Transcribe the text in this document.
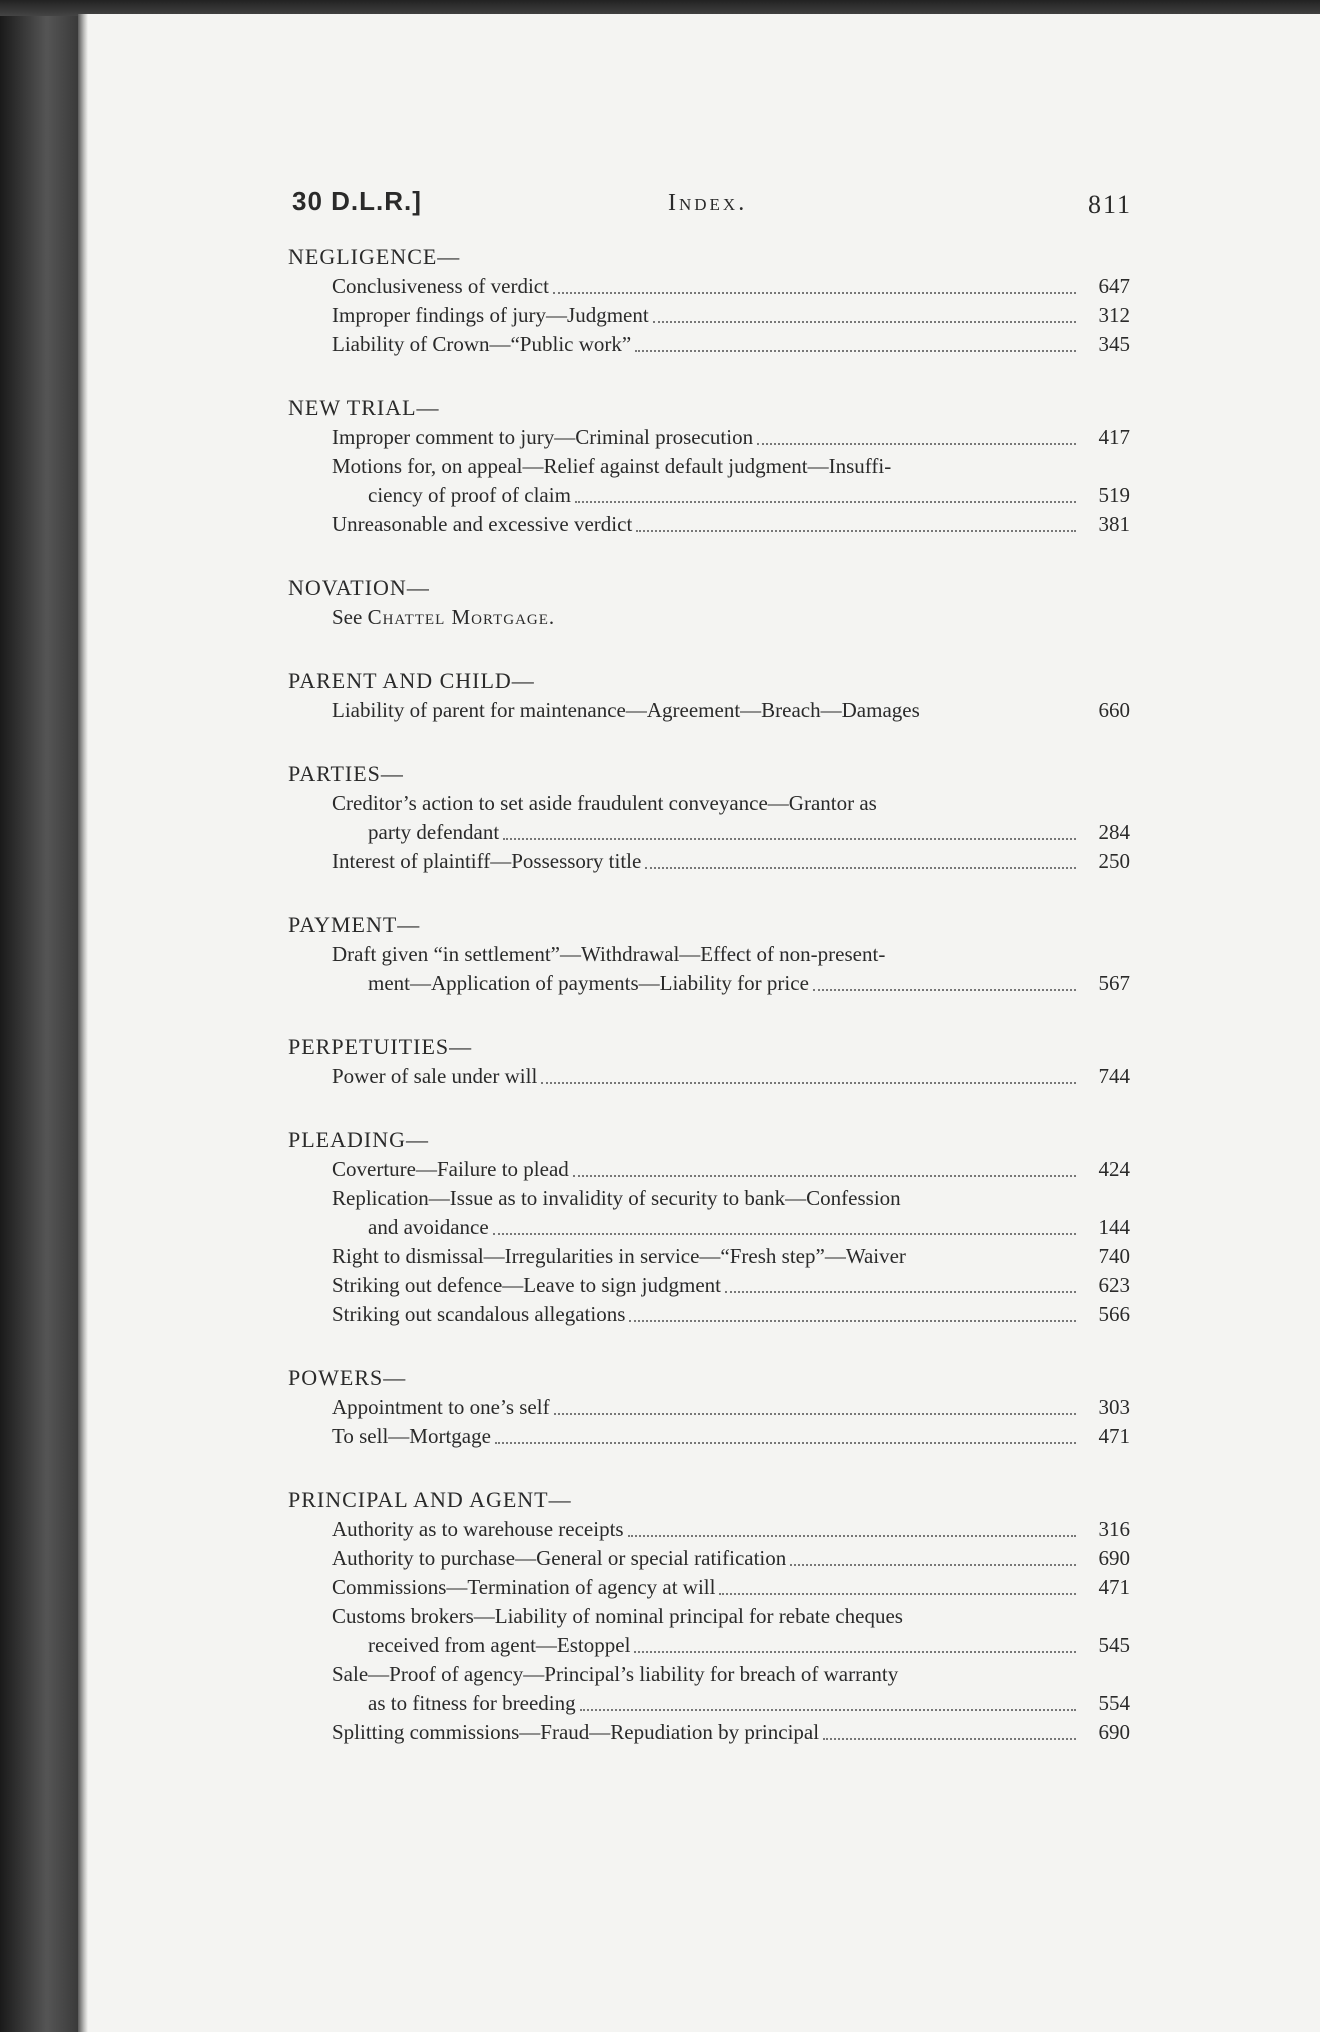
30 D.L.R.]	Index.	811
NEGLIGENCE—
Conclusiveness of verdict	647
Improper findings of jury—Judgment	312
Liability of Crown—“Public work”	345
NEW TRIAL—
Improper comment to jury—Criminal prosecution	417
Motions for, on appeal—Relief against default judgment—Insuffi-
ciency of proof of claim	519
Unreasonable and excessive verdict	381
NOVATION—
See Chattel Mortgage.
PARENT AND CHILD—
Liability of parent for maintenance—Agreement—Breach—Damages	660
PARTIES—
Creditor’s action to set aside fraudulent conveyance—Grantor as
party defendant	284
Interest of plaintiff—Possessory title	250
PAYMENT—
Draft given “in settlement”—Withdrawal—Effect of non-present-
ment—Application of payments—Liability for price	567
PERPETUITIES—
Power of sale under will	744
PLEADING—
Coverture—Failure to plead	424
Replication—Issue as to invalidity of security to bank—Confession
and avoidance	144
Right to dismissal—Irregularities in service—“Fresh step”—Waiver	740
Striking out defence—Leave to sign judgment	623
Striking out scandalous allegations	566
POWERS—
Appointment to one’s self	303
To sell—Mortgage	471
PRINCIPAL AND AGENT—
Authority as to warehouse receipts	316
Authority to purchase—General or special ratification	690
Commissions—Termination of agency at will	471
Customs brokers—Liability of nominal principal for rebate cheques
received from agent—Estoppel	545
Sale—Proof of agency—Principal’s liability for breach of warranty
as to fitness for breeding	554
Splitting commissions—Fraud—Repudiation by principal	690
